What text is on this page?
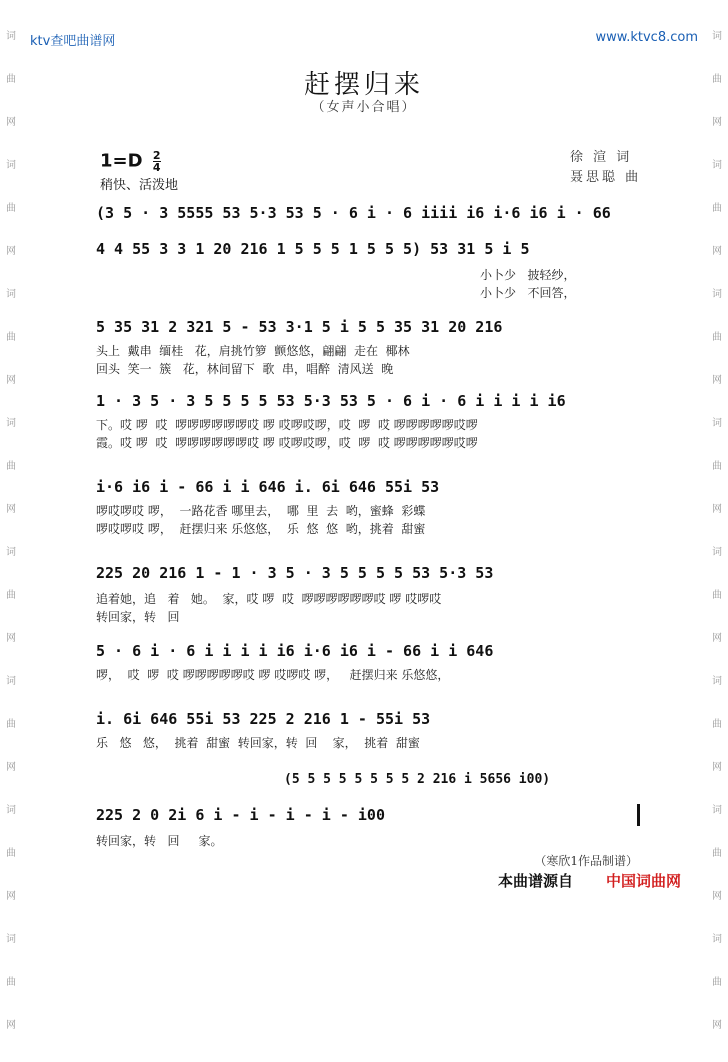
ktv查吧曲谱网	www.ktvc8.com
词
曲
网
词
曲
网
词
曲
网
词
曲
网
词
曲
网
词
曲
网
词
曲
网
词
曲
网
词
曲
网
词
曲
网
词
曲
网
词
曲
网
词
曲
网
词
曲
网
词
曲
网
词
曲
网
赶摆归来
（女声小合唱）
$1=D \frac{2}{4}$
稍快、活泼地
徐 渲 词
聂思聪 曲
(3 5 · 3 5555 53 5·3 53 5 · 6 i · 6 iiii i6 i·6 i6 i · 66
4 4 55 3 3 1 20 216 1 5 5 5 1 5 5 5) 53 31 5 i 5
小卜少   披轻纱，
小卜少   不回答，
5 35 31 2 321 5 - 53 3·1 5 i 5 5 35 31 20 216
头上  戴串  缅桂   花，肩挑竹箩  颤悠悠，翩翩  走在  椰林
回头  笑一  簇   花，林间留下  歌  串，唱醉  清风送  晚
1 · 3 5 · 3 5 5 5 5 53 5·3 53 5 · 6 i · 6 i i i i i6
下。哎 啰  哎  啰啰啰啰啰啰哎 啰 哎啰哎啰，哎  啰  哎 啰啰啰啰啰哎啰
霞。哎 啰  哎  啰啰啰啰啰啰哎 啰 哎啰哎啰，哎  啰  哎 啰啰啰啰啰哎啰
i·6 i6 i - 66 i i 646 i. 6i 646 55i 53
啰哎啰哎 啰，  一路花香 哪里去，  哪  里  去  哟，蜜蜂  彩蝶
啰哎啰哎 啰，  赶摆归来 乐悠悠，  乐  悠  悠  哟，挑着  甜蜜
225 20 216 1 - 1 · 3 5 · 3 5 5 5 5 53 5·3 53
追着她，追   着   她。  家，哎 啰  哎  啰啰啰啰啰啰哎 啰 哎啰哎
转回家，转   回
5 · 6 i · 6 i i i i i6 i·6 i6 i - 66 i i 646
啰，  哎  啰  哎 啰啰啰啰啰哎 啰 哎啰哎 啰，   赶摆归来 乐悠悠，
i. 6i 646 55i 53 225 2 216 1 - 55i 53
乐   悠   悠，  挑着  甜蜜  转回家，转  回    家，  挑着  甜蜜
(5 5 5 5 5 5 5 5 2 216 i 5656 i00)
225 2 0 2i 6 i - i - i - i - i00
转回家，转   回     家。
（寒欣1作品制谱）
本曲谱源自 中国词曲网
